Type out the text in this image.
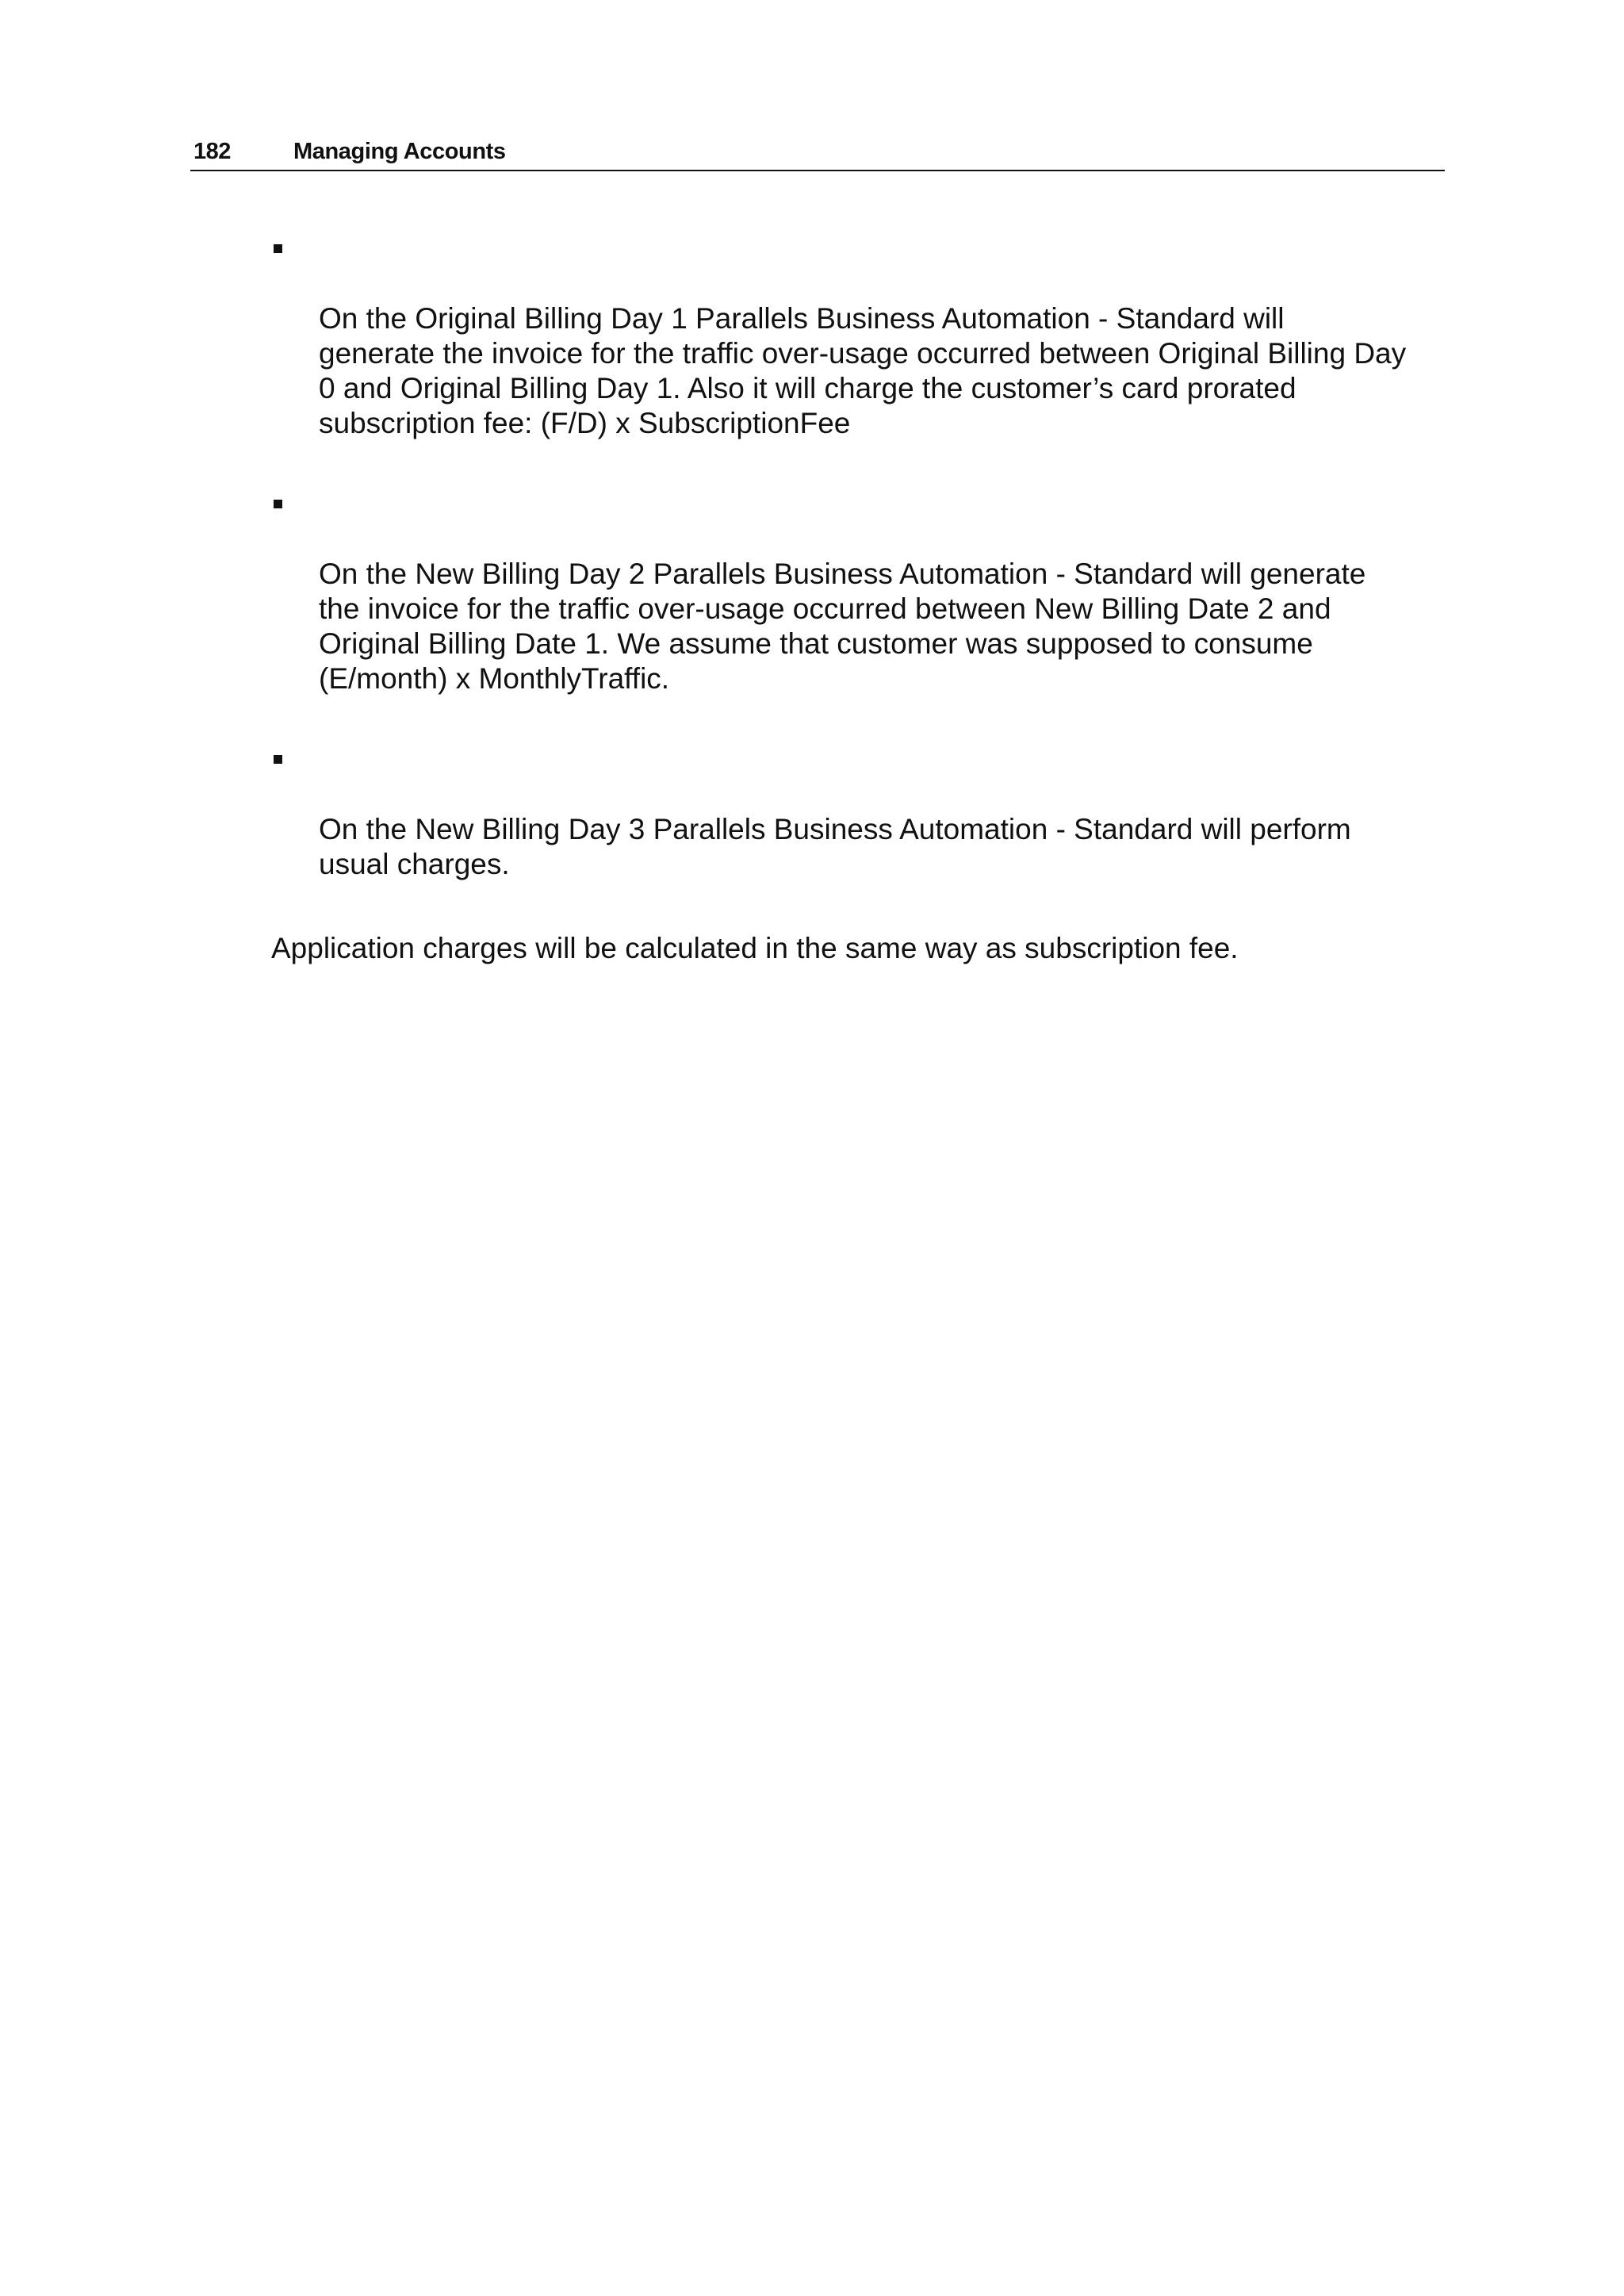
182	Managing Accounts

On the Original Billing Day 1 Parallels Business Automation - Standard will
generate the invoice for the traffic over-usage occurred between Original Billing Day
0 and Original Billing Day 1. Also it will charge the customer’s card prorated
subscription fee: (F/D) x SubscriptionFee

On the New Billing Day 2 Parallels Business Automation - Standard will generate
the invoice for the traffic over-usage occurred between New Billing Date 2 and
Original Billing Date 1. We assume that customer was supposed to consume
(E/month) x MonthlyTraffic.

On the New Billing Day 3 Parallels Business Automation - Standard will perform
usual charges.

Application charges will be calculated in the same way as subscription fee.
